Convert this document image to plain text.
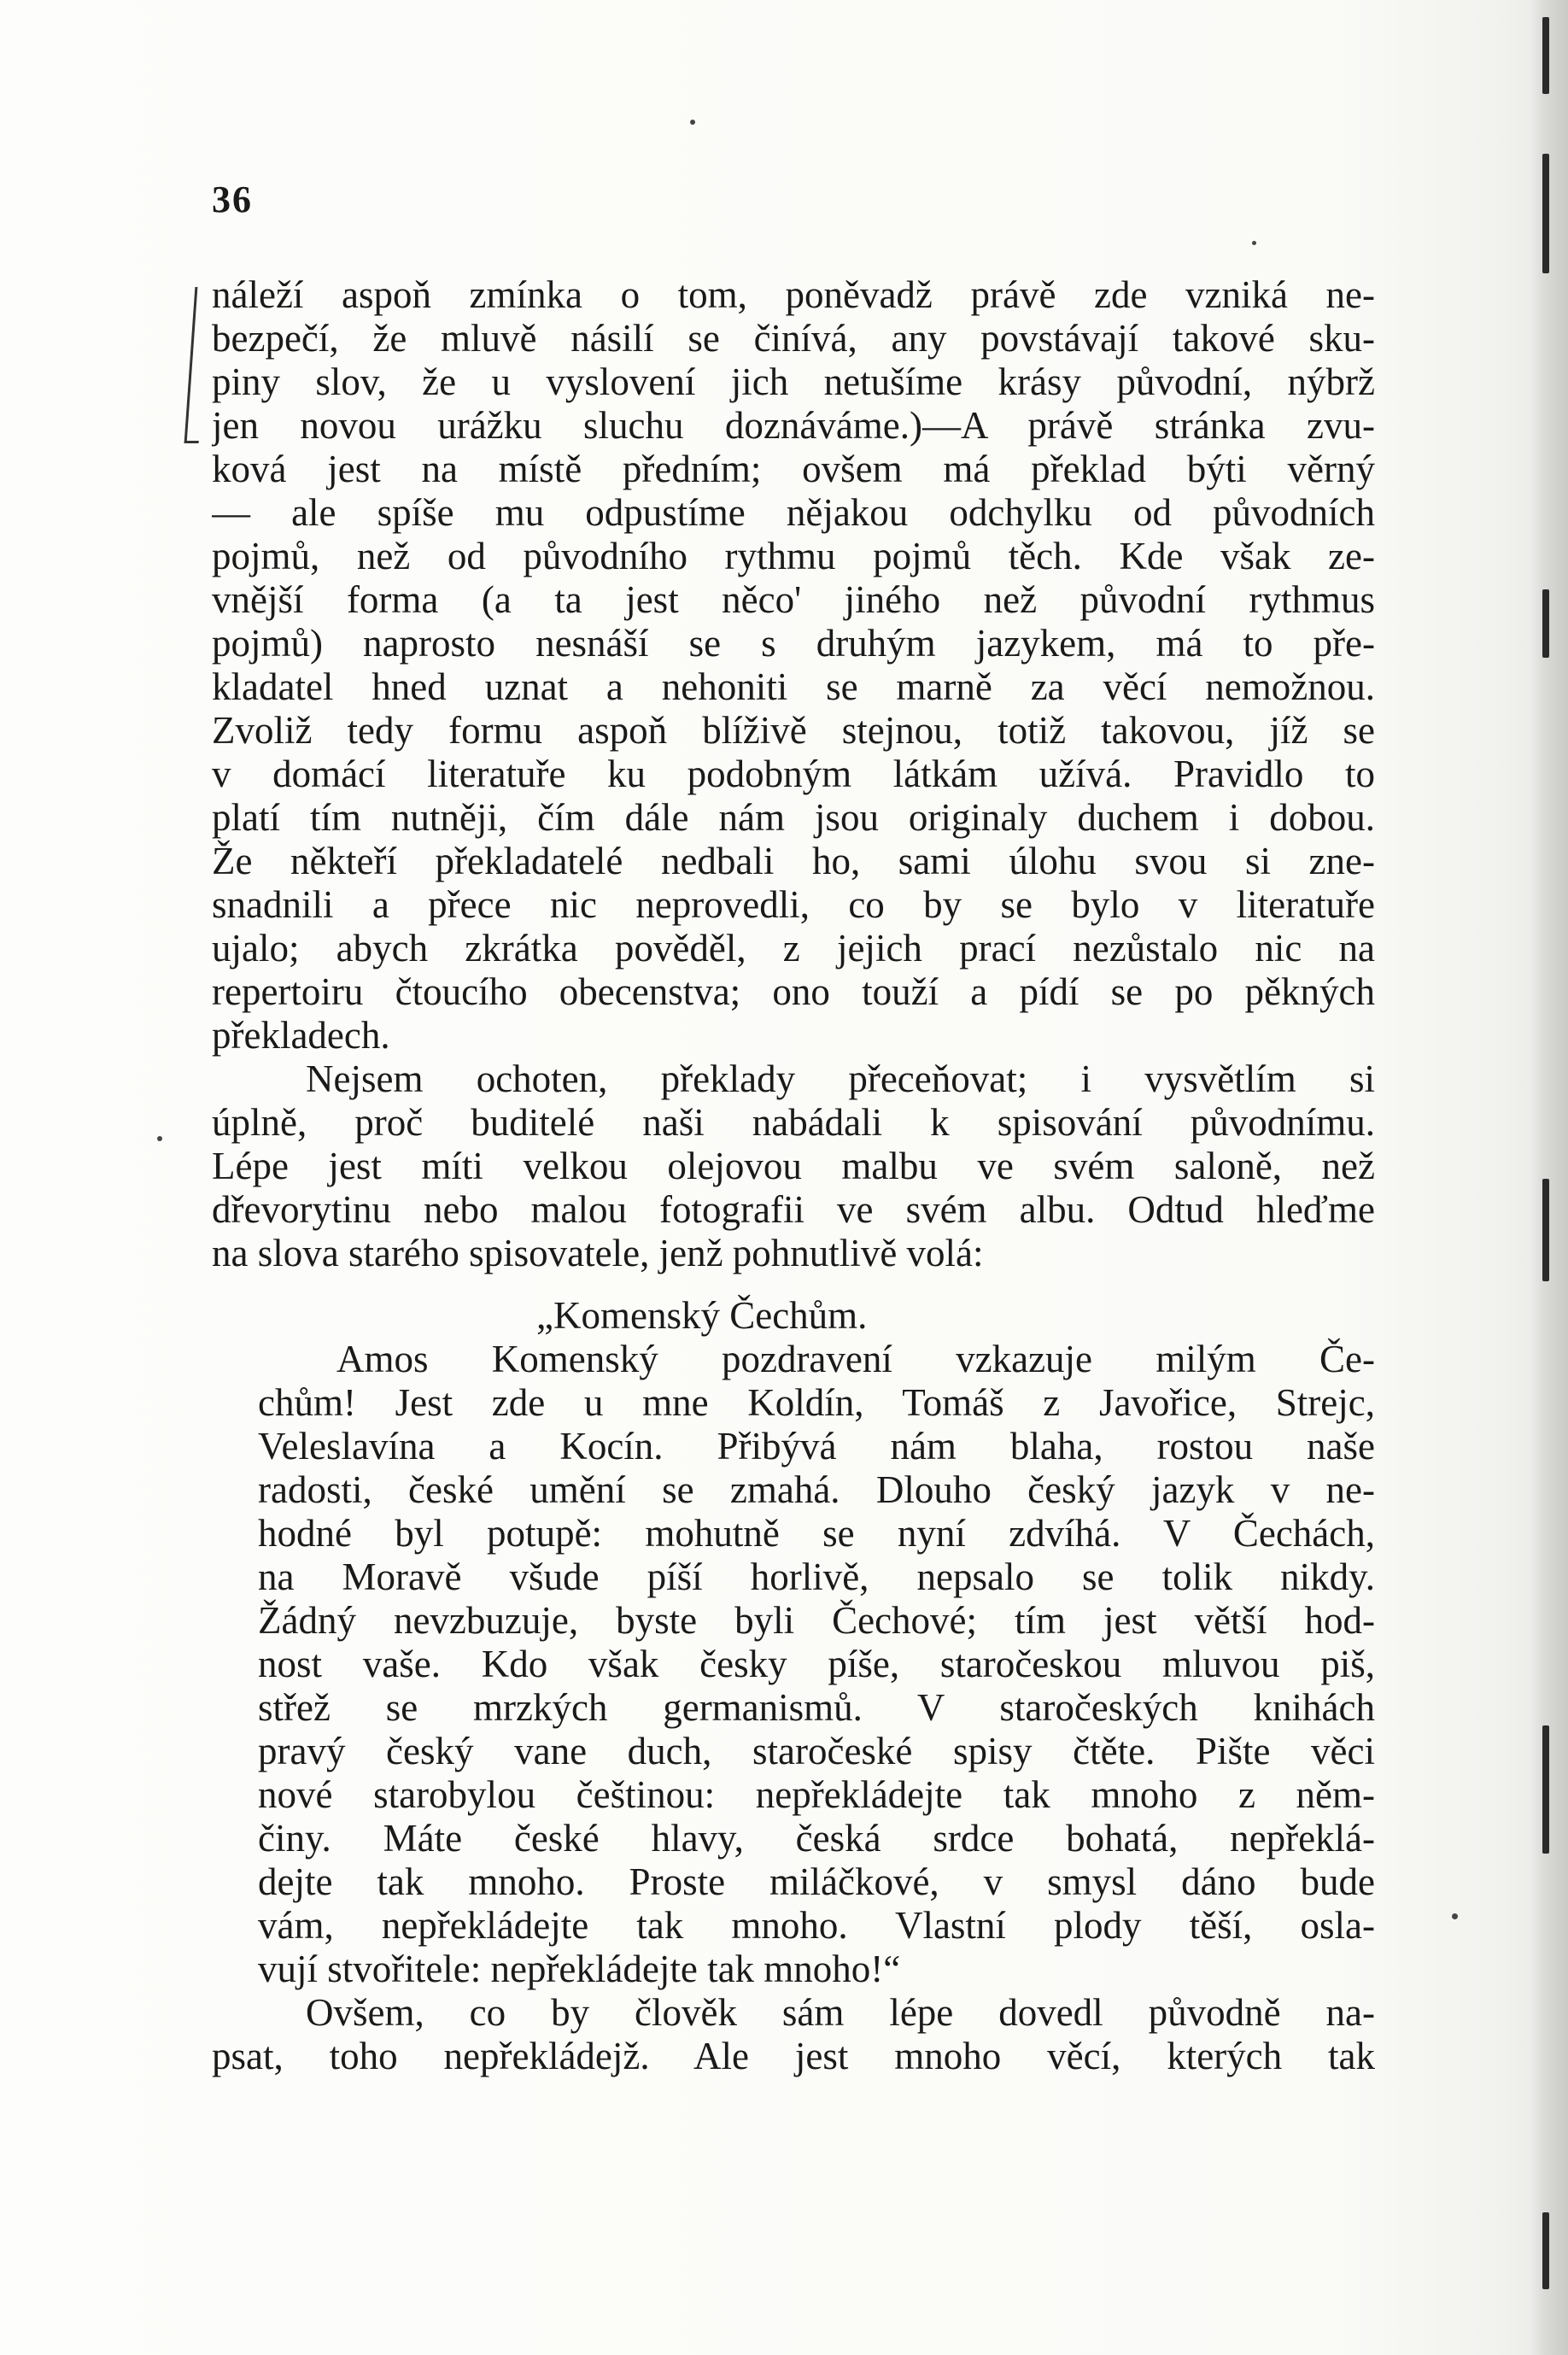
36
náleží aspoň zmínka o tom, poněvadž právě zde vzniká ne-
bezpečí, že mluvě násilí se činívá, any povstávají takové sku-
piny slov, že u vyslovení jich netušíme krásy původní, nýbrž
jen novou urážku sluchu doznáváme.)—A právě stránka zvu-
ková jest na místě předním; ovšem má překlad býti věrný
— ale spíše mu odpustíme nějakou odchylku od původních
pojmů, než od původního rythmu pojmů těch. Kde však ze-
vnější forma (a ta jest něco' jiného než původní rythmus
pojmů) naprosto nesnáší se s druhým jazykem, má to pře-
kladatel hned uznat a nehoniti se marně za věcí nemožnou.
Zvoliž tedy formu aspoň blíživě stejnou, totiž takovou, jíž se
v domácí literatuře ku podobným látkám užívá. Pravidlo to
platí tím nutněji, čím dále nám jsou originaly duchem i dobou.
Že někteří překladatelé nedbali ho, sami úlohu svou si zne-
snadnili a přece nic neprovedli, co by se bylo v literatuře
ujalo; abych zkrátka pověděl, z jejich prací nezůstalo nic na
repertoiru čtoucího obecenstva; ono touží a pídí se po pěkných
překladech.
Nejsem ochoten, překlady přeceňovat; i vysvětlím si
úplně, proč buditelé naši nabádali k spisování původnímu.
Lépe jest míti velkou olejovou malbu ve svém saloně, než
dřevorytinu nebo malou fotografii ve svém albu. Odtud hleďme
na slova starého spisovatele, jenž pohnutlivě volá:
„Komenský Čechům.
Amos Komenský pozdravení vzkazuje milým Če-
chům! Jest zde u mne Koldín, Tomáš z Javořice, Strejc,
Veleslavína a Kocín. Přibývá nám blaha, rostou naše
radosti, české umění se zmahá. Dlouho český jazyk v ne-
hodné byl potupě: mohutně se nyní zdvíhá. V Čechách,
na Moravě všude píší horlivě, nepsalo se tolik nikdy.
Žádný nevzbuzuje, byste byli Čechové; tím jest větší hod-
nost vaše. Kdo však česky píše, staročeskou mluvou piš,
střež se mrzkých germanismů. V staročeských knihách
pravý český vane duch, staročeské spisy čtěte. Pište věci
nové starobylou češtinou: nepřekládejte tak mnoho z něm-
činy. Máte české hlavy, česká srdce bohatá, nepřeklá-
dejte tak mnoho. Proste miláčkové, v smysl dáno bude
vám, nepřekládejte tak mnoho. Vlastní plody těší, osla-
vují stvořitele: nepřekládejte tak mnoho!“
Ovšem, co by člověk sám lépe dovedl původně na-
psat, toho nepřekládejž. Ale jest mnoho věcí, kterých tak
